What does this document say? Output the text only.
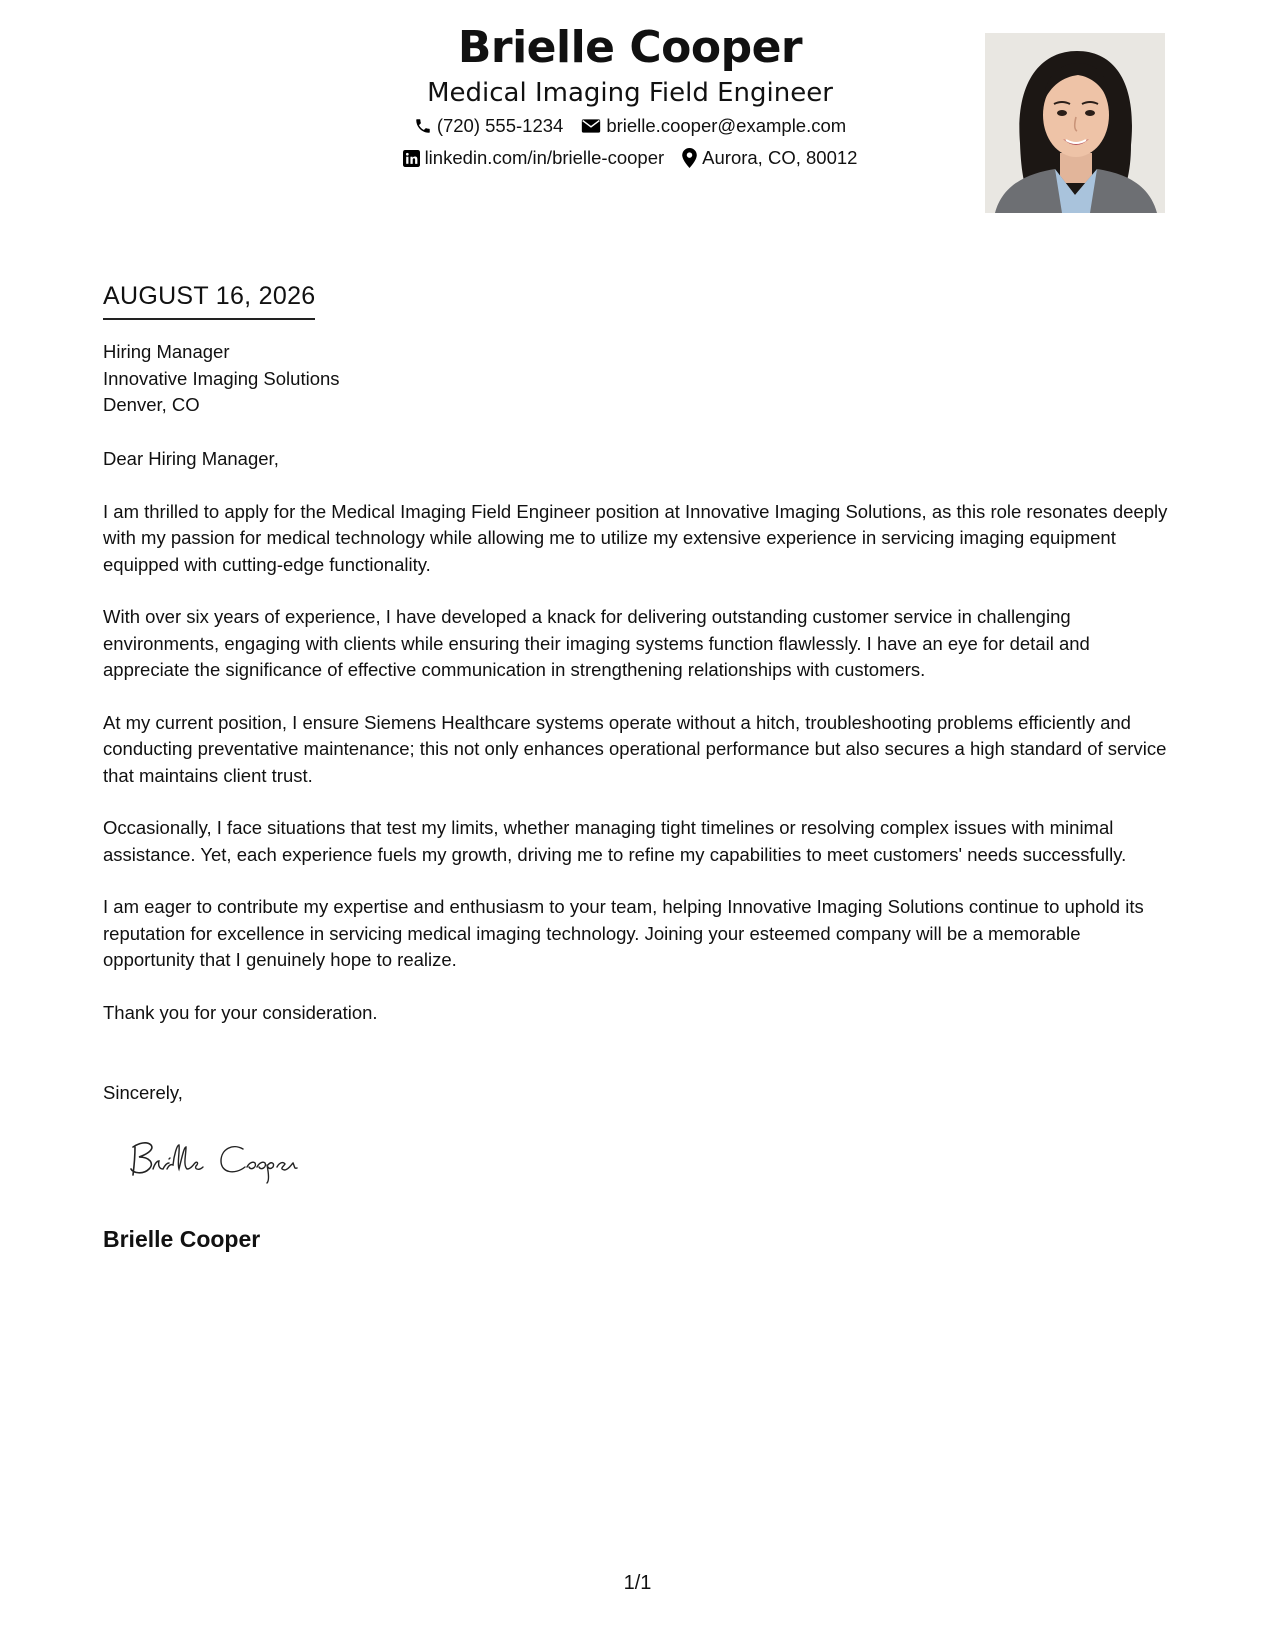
Brielle Cooper
Medical Imaging Field Engineer
(720) 555-1234 brielle.cooper@example.com
linkedin.com/in/brielle-cooper Aurora, CO, 80012
AUGUST 16, 2026
Hiring Manager
Innovative Imaging Solutions
Denver, CO
Dear Hiring Manager,

I am thrilled to apply for the Medical Imaging Field Engineer position at Innovative Imaging Solutions, as this role resonates deeply with my passion for medical technology while allowing me to utilize my extensive experience in servicing imaging equipment equipped with cutting-edge functionality.

With over six years of experience, I have developed a knack for delivering outstanding customer service in challenging environments, engaging with clients while ensuring their imaging systems function flawlessly. I have an eye for detail and appreciate the significance of effective communication in strengthening relationships with customers.

At my current position, I ensure Siemens Healthcare systems operate without a hitch, troubleshooting problems efficiently and conducting preventative maintenance; this not only enhances operational performance but also secures a high standard of service that maintains client trust.

Occasionally, I face situations that test my limits, whether managing tight timelines or resolving complex issues with minimal assistance. Yet, each experience fuels my growth, driving me to refine my capabilities to meet customers' needs successfully.

I am eager to contribute my expertise and enthusiasm to your team, helping Innovative Imaging Solutions continue to uphold its reputation for excellence in servicing medical imaging technology. Joining your esteemed company will be a memorable opportunity that I genuinely hope to realize.

Thank you for your consideration.

Sincerely,
Brielle Cooper
1/1
